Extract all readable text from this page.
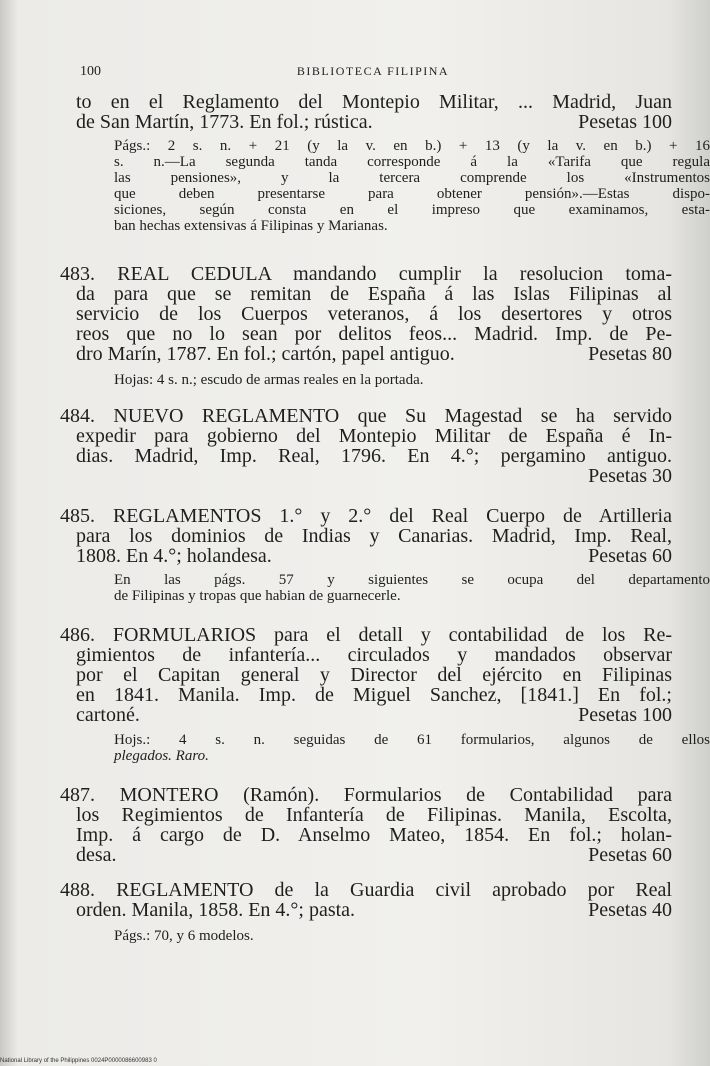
100	BIBLIOTECA FILIPINA
to en el Reglamento del Montepio Militar, ... Madrid, Juan
de San Martín, 1773. En fol.; rústica.	Pesetas 100
Págs.: 2 s. n. + 21 (y la v. en b.) + 13 (y la v. en b.) + 16
s. n.—La segunda tanda corresponde á la «Tarifa que regula
las pensiones», y la tercera comprende los «Instrumentos
que deben presentarse para obtener pensión».—Estas dispo-
siciones, según consta en el impreso que examinamos, esta-
ban hechas extensivas á Filipinas y Marianas.
483. REAL CEDULA mandando cumplir la resolucion toma-
da para que se remitan de España á las Islas Filipinas al
servicio de los Cuerpos veteranos, á los desertores y otros
reos que no lo sean por delitos feos... Madrid. Imp. de Pe-
dro Marín, 1787. En fol.; cartón, papel antiguo.	Pesetas 80
Hojas: 4 s. n.; escudo de armas reales en la portada.
484. NUEVO REGLAMENTO que Su Magestad se ha servido
expedir para gobierno del Montepio Militar de España é In-
dias. Madrid, Imp. Real, 1796. En 4.°; pergamino antiguo.
Pesetas 30
485. REGLAMENTOS 1.° y 2.° del Real Cuerpo de Artilleria
para los dominios de Indias y Canarias. Madrid, Imp. Real,
1808. En 4.°; holandesa.	Pesetas 60
En las págs. 57 y siguientes se ocupa del departamento
de Filipinas y tropas que habian de guarnecerle.
486. FORMULARIOS para el detall y contabilidad de los Re-
gimientos de infantería... circulados y mandados observar
por el Capitan general y Director del ejército en Filipinas
en 1841. Manila. Imp. de Miguel Sanchez, [1841.] En fol.;
cartoné.	Pesetas 100
Hojs.: 4 s. n. seguidas de 61 formularios, algunos de ellos
plegados. Raro.
487. MONTERO (Ramón). Formularios de Contabilidad para
los Regimientos de Infantería de Filipinas. Manila, Escolta,
Imp. á cargo de D. Anselmo Mateo, 1854. En fol.; holan-
desa.	Pesetas 60
488. REGLAMENTO de la Guardia civil aprobado por Real
orden. Manila, 1858. En 4.°; pasta.	Pesetas 40
Págs.: 70, y 6 modelos.
National Library of the Philippines 0024P0000086600983 0
